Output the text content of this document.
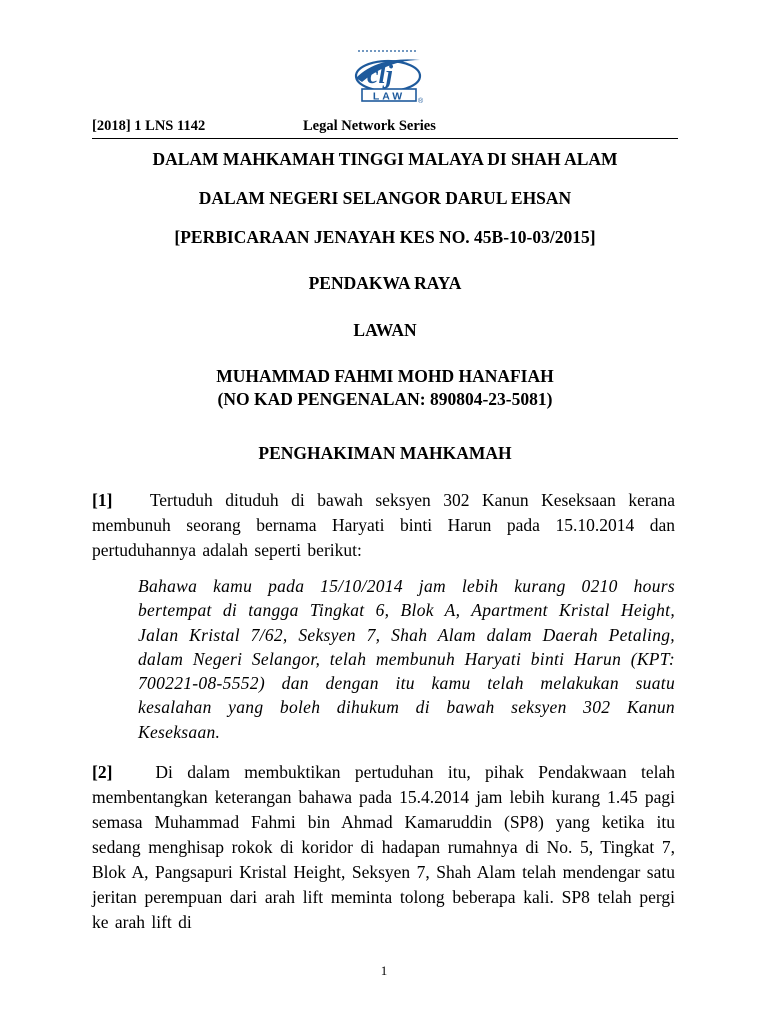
clj
LAW ®
[2018] 1 LNS 1142	Legal Network Series
DALAM MAHKAMAH TINGGI MALAYA DI SHAH ALAM
DALAM NEGERI SELANGOR DARUL EHSAN
[PERBICARAAN JENAYAH KES NO. 45B-10-03/2015]
PENDAKWA RAYA
LAWAN
MUHAMMAD FAHMI MOHD HANAFIAH
(NO KAD PENGENALAN: 890804-23-5081)
PENGHAKIMAN MAHKAMAH
[1] Tertuduh dituduh di bawah seksyen 302 Kanun Keseksaan kerana membunuh seorang bernama Haryati binti Harun pada 15.10.2014 dan pertuduhannya adalah seperti berikut:
Bahawa kamu pada 15/10/2014 jam lebih kurang 0210 hours bertempat di tangga Tingkat 6, Blok A, Apartment Kristal Height, Jalan Kristal 7/62, Seksyen 7, Shah Alam dalam Daerah Petaling, dalam Negeri Selangor, telah membunuh Haryati binti Harun (KPT: 700221-08-5552) dan dengan itu kamu telah melakukan suatu kesalahan yang boleh dihukum di bawah seksyen 302 Kanun Keseksaan.
[2] Di dalam membuktikan pertuduhan itu, pihak Pendakwaan telah membentangkan keterangan bahawa pada 15.4.2014 jam lebih kurang 1.45 pagi semasa Muhammad Fahmi bin Ahmad Kamaruddin (SP8) yang ketika itu sedang menghisap rokok di koridor di hadapan rumahnya di No. 5, Tingkat 7, Blok A, Pangsapuri Kristal Height, Seksyen 7, Shah Alam telah mendengar satu jeritan perempuan dari arah lift meminta tolong beberapa kali. SP8 telah pergi ke arah lift di
1
